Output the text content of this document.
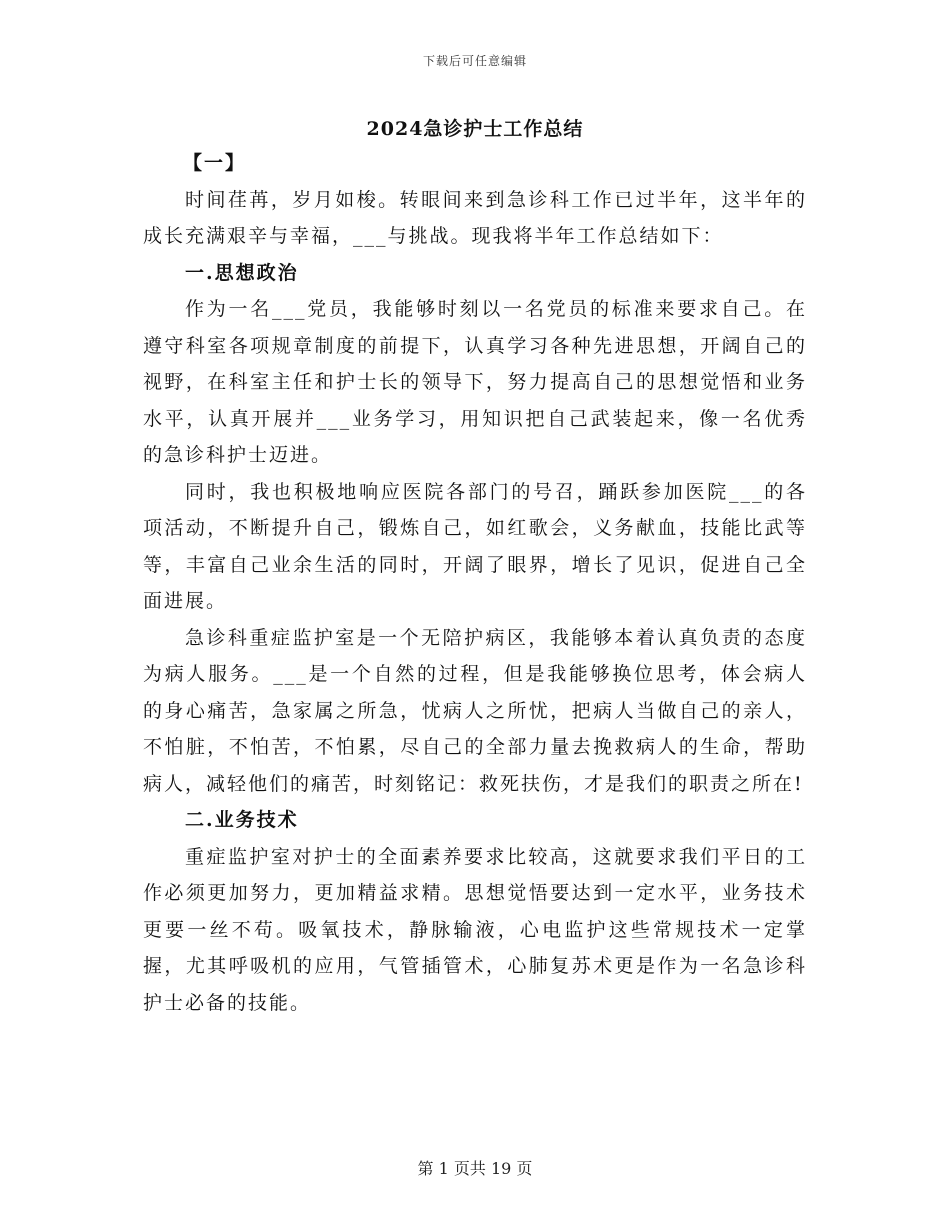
下载后可任意编辑
2024急诊护士工作总结

【一】

时间荏苒，岁月如梭。转眼间来到急诊科工作已过半年，这半年的成长充满艰辛与幸福，___与挑战。现我将半年工作总结如下：

一.思想政治

作为一名___党员，我能够时刻以一名党员的标准来要求自己。在遵守科室各项规章制度的前提下，认真学习各种先进思想，开阔自己的视野，在科室主任和护士长的领导下，努力提高自己的思想觉悟和业务水平，认真开展并___业务学习，用知识把自己武装起来，像一名优秀的急诊科护士迈进。

同时，我也积极地响应医院各部门的号召，踊跃参加医院___的各项活动，不断提升自己，锻炼自己，如红歌会，义务献血，技能比武等等，丰富自己业余生活的同时，开阔了眼界，增长了见识，促进自己全面进展。

急诊科重症监护室是一个无陪护病区，我能够本着认真负责的态度为病人服务。___是一个自然的过程，但是我能够换位思考，体会病人的身心痛苦，急家属之所急，忧病人之所忧，把病人当做自己的亲人，不怕脏，不怕苦，不怕累，尽自己的全部力量去挽救病人的生命，帮助病人，减轻他们的痛苦，时刻铭记：救死扶伤，才是我们的职责之所在!

二.业务技术

重症监护室对护士的全面素养要求比较高，这就要求我们平日的工作必须更加努力，更加精益求精。思想觉悟要达到一定水平，业务技术更要一丝不苟。吸氧技术，静脉输液，心电监护这些常规技术一定掌握，尤其呼吸机的应用，气管插管术，心肺复苏术更是作为一名急诊科护士必备的技能。

第 1 页共 19 页
